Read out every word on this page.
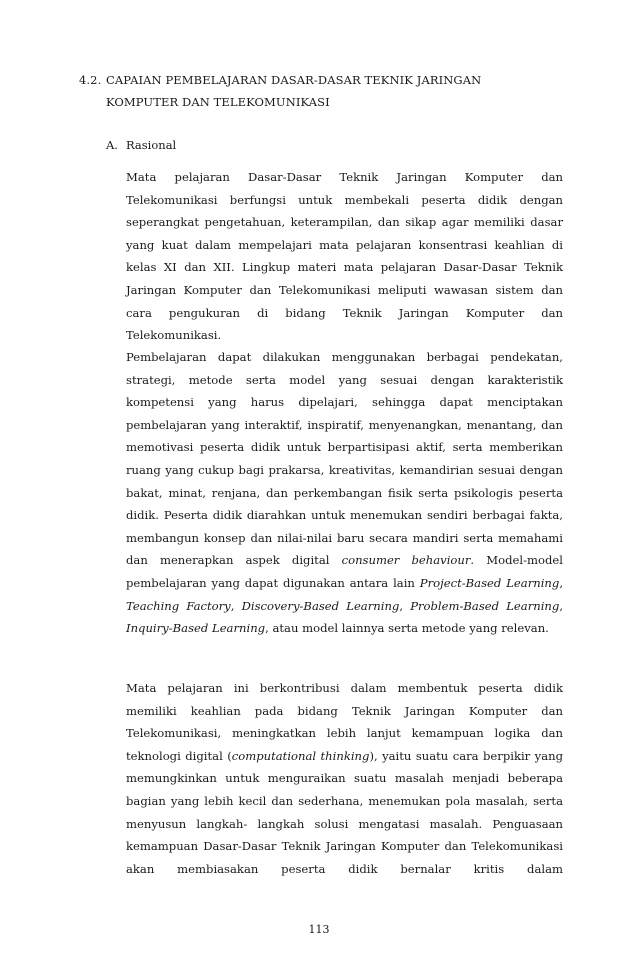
4.2. CAPAIAN PEMBELAJARAN DASAR-DASAR TEKNIK JARINGAN
KOMPUTER DAN TELEKOMUNIKASI
A. Rasional

Mata pelajaran Dasar-Dasar Teknik Jaringan Komputer dan Telekomunikasi berfungsi untuk membekali peserta didik dengan seperangkat pengetahuan, keterampilan, dan sikap agar memiliki dasar yang kuat dalam mempelajari mata pelajaran konsentrasi keahlian di kelas XI dan XII. Lingkup materi mata pelajaran Dasar-Dasar Teknik Jaringan Komputer dan Telekomunikasi meliputi wawasan sistem dan cara pengukuran di bidang Teknik Jaringan Komputer dan Telekomunikasi.

Pembelajaran dapat dilakukan menggunakan berbagai pendekatan, strategi, metode serta model yang sesuai dengan karakteristik kompetensi yang harus dipelajari, sehingga dapat menciptakan pembelajaran yang interaktif, inspiratif, menyenangkan, menantang, dan memotivasi peserta didik untuk berpartisipasi aktif, serta memberikan ruang yang cukup bagi prakarsa, kreativitas, kemandirian sesuai dengan bakat, minat, renjana, dan perkembangan fisik serta psikologis peserta didik. Peserta didik diarahkan untuk menemukan sendiri berbagai fakta, membangun konsep dan nilai-nilai baru secara mandiri serta memahami dan menerapkan aspek digital consumer behaviour. Model-model pembelajaran yang dapat digunakan antara lain Project-Based Learning, Teaching Factory, Discovery-Based Learning, Problem-Based Learning, Inquiry-Based Learning, atau model lainnya serta metode yang relevan.

Mata pelajaran ini berkontribusi dalam membentuk peserta didik memiliki keahlian pada bidang Teknik Jaringan Komputer dan Telekomunikasi, meningkatkan lebih lanjut kemampuan logika dan teknologi digital (computational thinking), yaitu suatu cara berpikir yang memungkinkan untuk menguraikan suatu masalah menjadi beberapa bagian yang lebih kecil dan sederhana, menemukan pola masalah, serta menyusun langkah- langkah solusi mengatasi masalah. Penguasaan kemampuan Dasar-Dasar Teknik Jaringan Komputer dan Telekomunikasi akan membiasakan peserta didik bernalar kritis dalam

113
